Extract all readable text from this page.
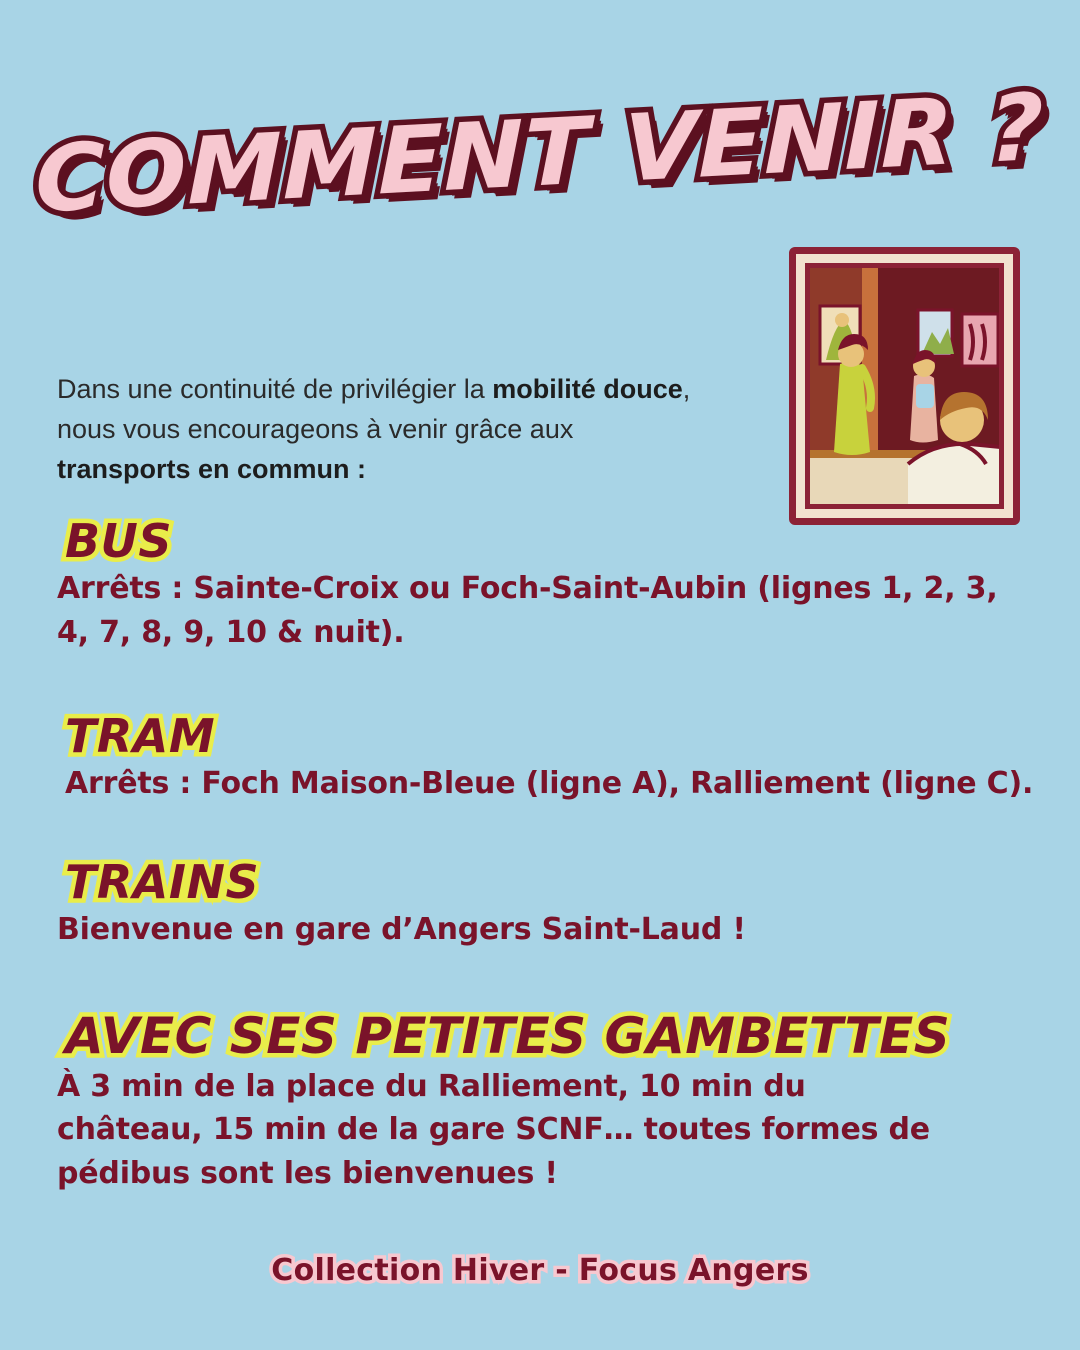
COMMENT VENIR ?
Dans une continuité de privilégier la mobilité douce, nous vous encourageons à venir grâce aux transports en commun :
BUS
Arrêts : Sainte-Croix ou Foch-Saint-Aubin (lignes 1, 2, 3, 4, 7, 8, 9, 10 & nuit).
TRAM
Arrêts : Foch Maison-Bleue (ligne A), Ralliement (ligne C).
TRAINS
Bienvenue en gare d’Angers Saint-Laud !
AVEC SES PETITES GAMBETTES
À 3 min de la place du Ralliement, 10 min du château, 15 min de la gare SCNF… toutes formes de pédibus sont les bienvenues !
Collection Hiver - Focus Angers
